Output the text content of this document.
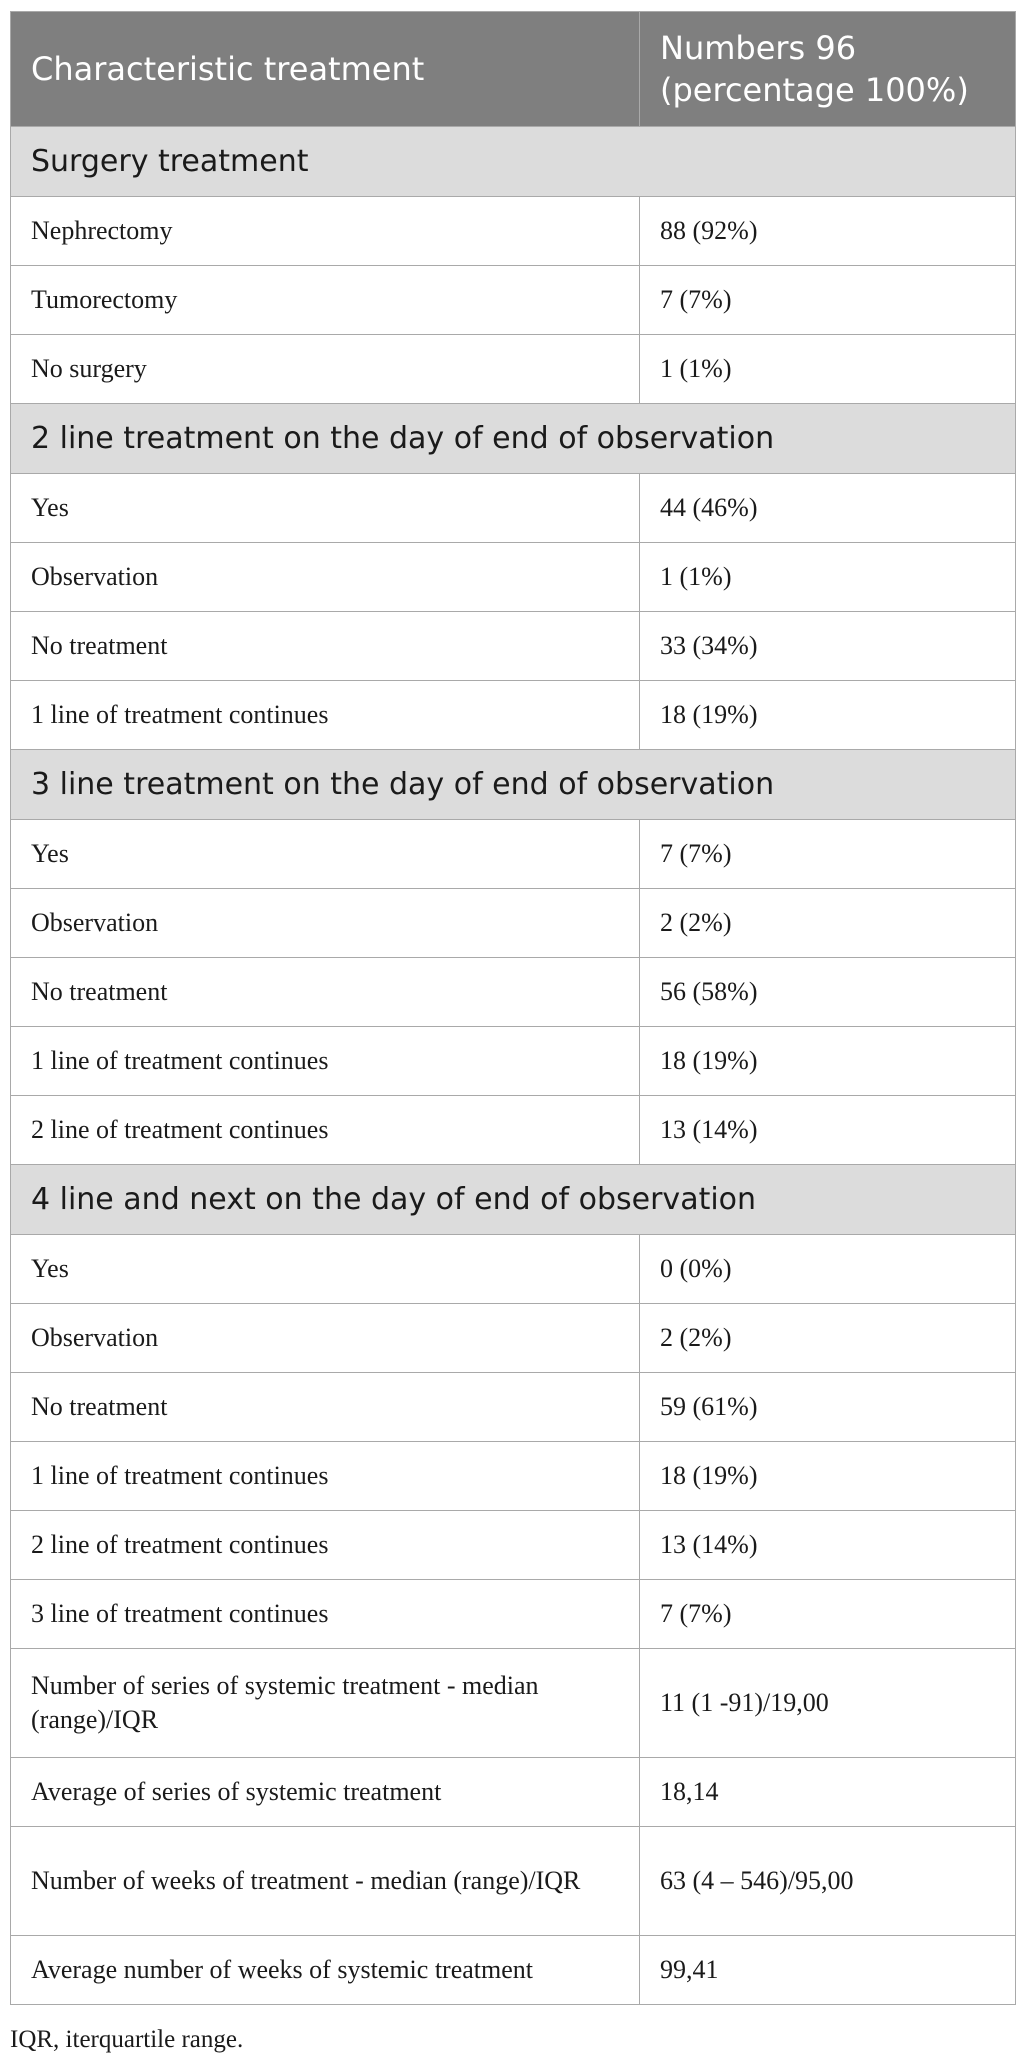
Characteristic treatment	Numbers 96 (percentage 100%)
Surgery treatment	
Nephrectomy	88 (92%)
Tumorectomy	7 (7%)
No surgery	1 (1%)
2 line treatment on the day of end of observation	
Yes	44 (46%)
Observation	1 (1%)
No treatment	33 (34%)
1 line of treatment continues	18 (19%)
3 line treatment on the day of end of observation	
Yes	7 (7%)
Observation	2 (2%)
No treatment	56 (58%)
1 line of treatment continues	18 (19%)
2 line of treatment continues	13 (14%)
4 line and next on the day of end of observation	
Yes	0 (0%)
Observation	2 (2%)
No treatment	59 (61%)
1 line of treatment continues	18 (19%)
2 line of treatment continues	13 (14%)
3 line of treatment continues	7 (7%)
Number of series of systemic treatment - median (range)/IQR	11 (1 -91)/19,00
Average of series of systemic treatment	18,14
Number of weeks of treatment - median (range)/IQR	63 (4 – 546)/95,00
Average number of weeks of systemic treatment	99,41
IQR, iterquartile range.
